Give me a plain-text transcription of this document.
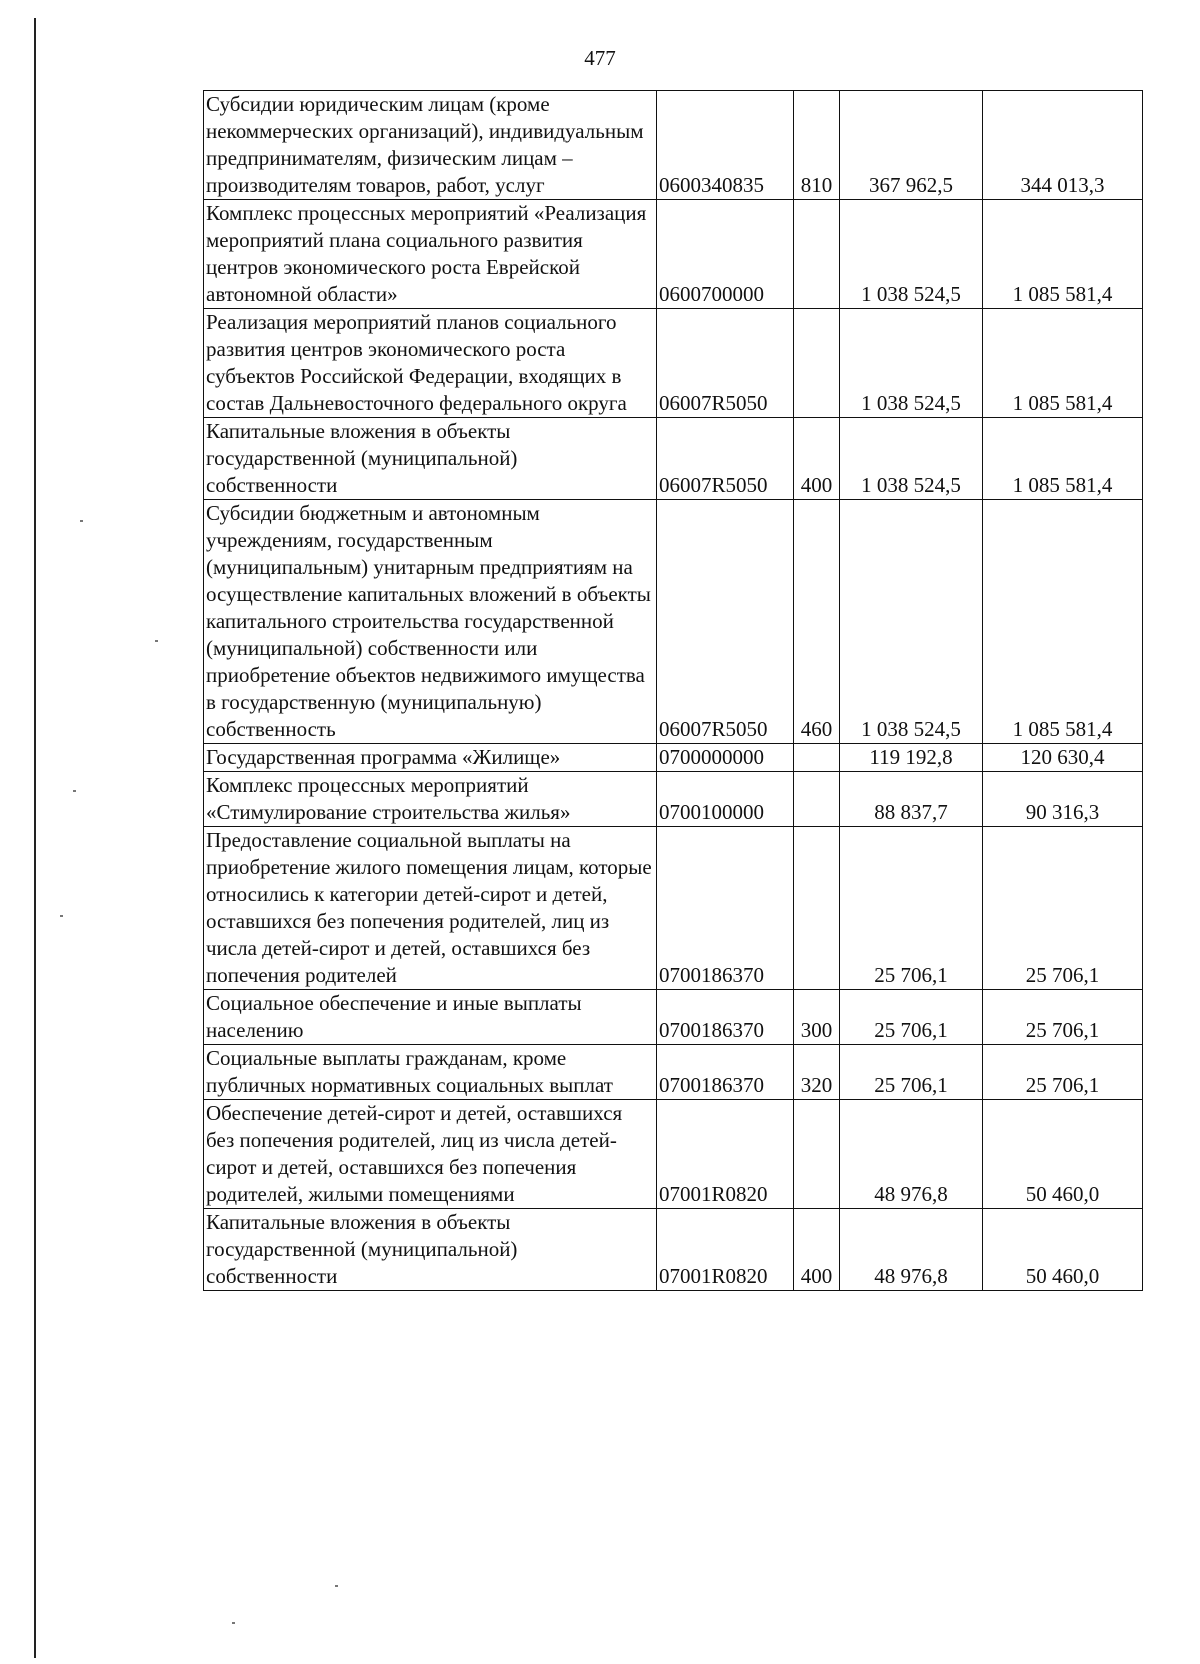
477
Субсидии юридическим лицам (кроме некоммерческих организаций), индивидуальным предпринимателям, физическим лицам – производителям товаров, работ, услуг	0600340835	810	367 962,5	344 013,3
Комплекс процессных мероприятий «Реализация мероприятий плана социального развития центров экономического роста Еврейской автономной области»	0600700000		1 038 524,5	1 085 581,4
Реализация мероприятий планов социального развития центров экономического роста субъектов Российской Федерации, входящих в состав Дальневосточного федерального округа	06007R5050		1 038 524,5	1 085 581,4
Капитальные вложения в объекты государственной (муниципальной) собственности	06007R5050	400	1 038 524,5	1 085 581,4
Субсидии бюджетным и автономным учреждениям, государственным (муниципальным) унитарным предприятиям на осуществление капитальных вложений в объекты капитального строительства государственной (муниципальной) собственности или приобретение объектов недвижимого имущества в государственную (муниципальную) собственность	06007R5050	460	1 038 524,5	1 085 581,4
Государственная программа «Жилище»	0700000000		119 192,8	120 630,4
Комплекс процессных мероприятий «Стимулирование строительства жилья»	0700100000		88 837,7	90 316,3
Предоставление социальной выплаты на приобретение жилого помещения лицам, которые относились к категории детей-сирот и детей, оставшихся без попечения родителей, лиц из числа детей-сирот и детей, оставшихся без попечения родителей	0700186370		25 706,1	25 706,1
Социальное обеспечение и иные выплаты населению	0700186370	300	25 706,1	25 706,1
Социальные выплаты гражданам, кроме публичных нормативных социальных выплат	0700186370	320	25 706,1	25 706,1
Обеспечение детей-сирот и детей, оставшихся без попечения родителей, лиц из числа детей-сирот и детей, оставшихся без попечения родителей, жилыми помещениями	07001R0820		48 976,8	50 460,0
Капитальные вложения в объекты государственной (муниципальной) собственности	07001R0820	400	48 976,8	50 460,0
